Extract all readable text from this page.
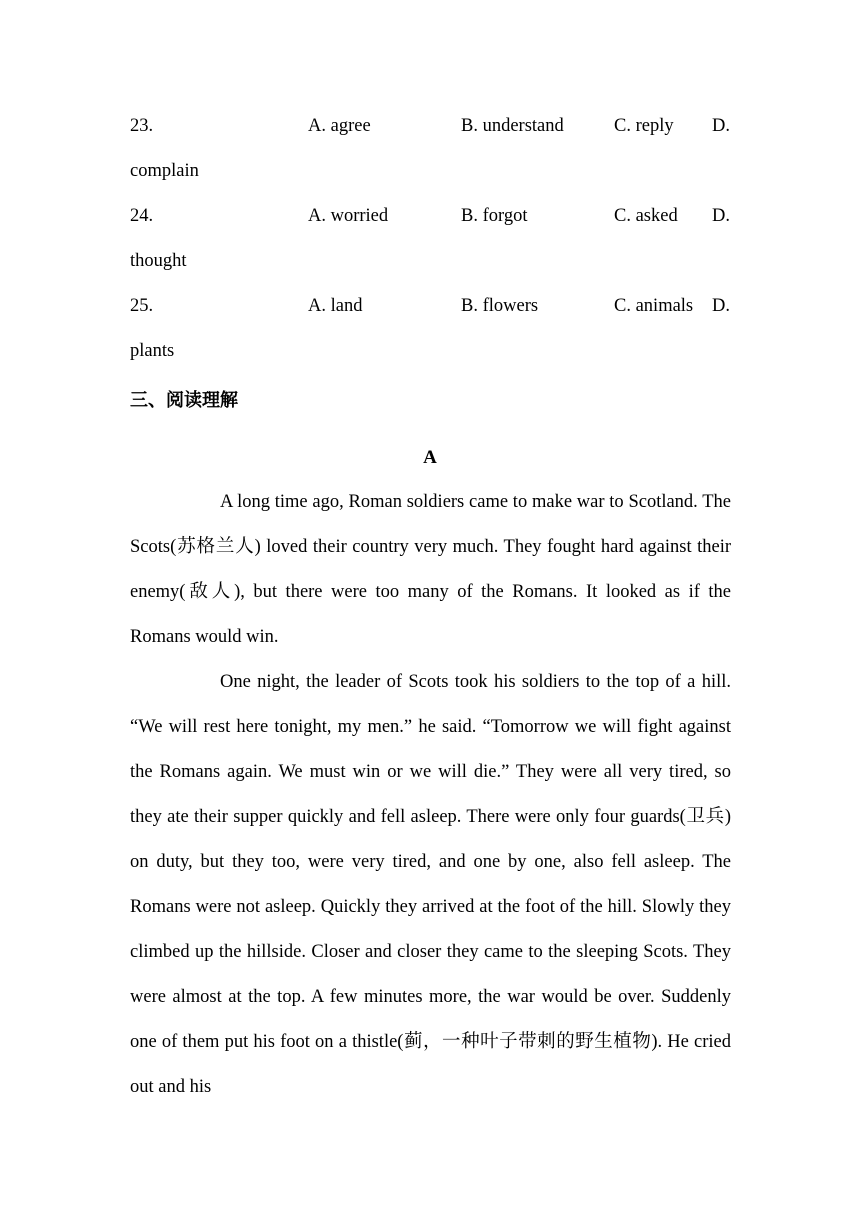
23.	A. agree	B. understand	C. reply D.
complain
24.	A. worried	B. forgot	C. asked D.
thought
25.	A. land	B. flowers	C. animals D.
plants
三、阅读理解
A

A long time ago, Roman soldiers came to make war to Scotland. The Scots(苏格兰人) loved their country very much. They fought hard against their enemy(敌人), but there were too many of the Romans. It looked as if the Romans would win.

One night, the leader of Scots took his soldiers to the top of a hill. “We will rest here tonight, my men.” he said. “Tomorrow we will fight against the Romans again. We must win or we will die.” They were all very tired, so they ate their supper quickly and fell asleep. There were only four guards(卫兵) on duty, but they too, were very tired, and one by one, also fell asleep. The Romans were not asleep. Quickly they arrived at the foot of the hill. Slowly they climbed up the hillside. Closer and closer they came to the sleeping Scots. They were almost at the top. A few minutes more, the war would be over. Suddenly one of them put his foot on a thistle(蓟，一种叶子带刺的野生植物). He cried out and his
